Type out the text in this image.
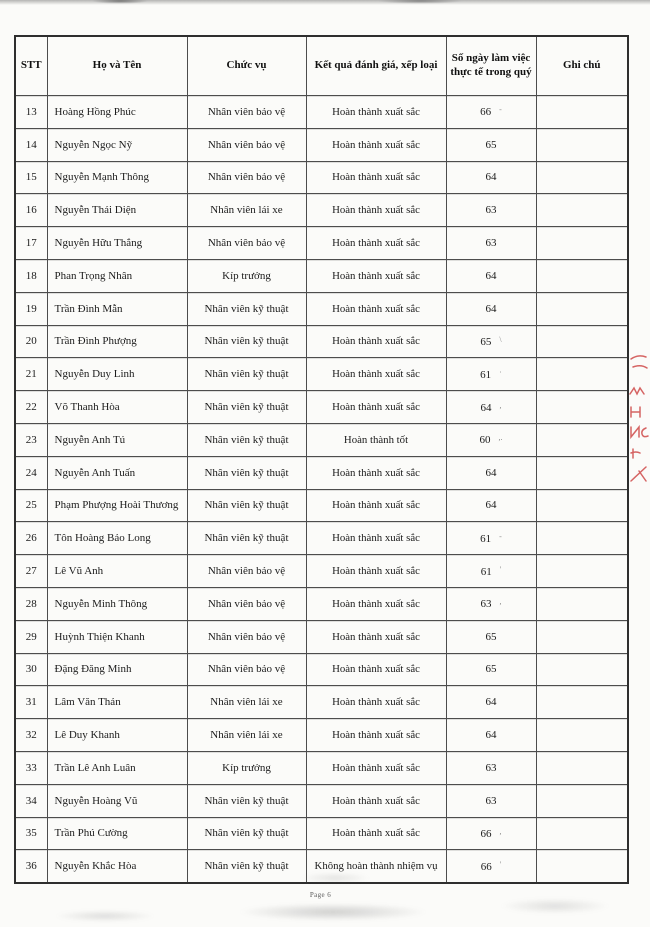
STT	Họ và Tên	Chức vụ	Kết quả đánh giá, xếp loại	Số ngày làm việc thực tế trong quý	Ghi chú
13	Hoàng Hồng Phúc	Nhân viên bảo vệ	Hoàn thành xuất sắc	66 -	
14	Nguyễn Ngọc Nỹ	Nhân viên bảo vệ	Hoàn thành xuất sắc	65	
15	Nguyễn Mạnh Thông	Nhân viên bảo vệ	Hoàn thành xuất sắc	64	
16	Nguyễn Thái Diện	Nhân viên lái xe	Hoàn thành xuất sắc	63	
17	Nguyễn Hữu Thắng	Nhân viên bảo vệ	Hoàn thành xuất sắc	63	
18	Phan Trọng Nhân	Kíp trưởng	Hoàn thành xuất sắc	64	
19	Trần Đình Mẫn	Nhân viên kỹ thuật	Hoàn thành xuất sắc	64	
20	Trần Đình Phượng	Nhân viên kỹ thuật	Hoàn thành xuất sắc	65 \	
21	Nguyễn Duy Linh	Nhân viên kỹ thuật	Hoàn thành xuất sắc	61 ·	
22	Võ Thanh Hòa	Nhân viên kỹ thuật	Hoàn thành xuất sắc	64 ,	
23	Nguyễn Anh Tú	Nhân viên kỹ thuật	Hoàn thành tốt	60 ,.	
24	Nguyễn Anh Tuấn	Nhân viên kỹ thuật	Hoàn thành xuất sắc	64	
25	Phạm Phượng Hoài Thương	Nhân viên kỹ thuật	Hoàn thành xuất sắc	64	
26	Tôn Hoàng Bảo Long	Nhân viên kỹ thuật	Hoàn thành xuất sắc	61 -	
27	Lê Vũ Anh	Nhân viên bảo vệ	Hoàn thành xuất sắc	61 '	
28	Nguyễn Minh Thông	Nhân viên bảo vệ	Hoàn thành xuất sắc	63 ,	
29	Huỳnh Thiện Khanh	Nhân viên bảo vệ	Hoàn thành xuất sắc	65	
30	Đặng Đăng Minh	Nhân viên bảo vệ	Hoàn thành xuất sắc	65	
31	Lâm Văn Thản	Nhân viên lái xe	Hoàn thành xuất sắc	64	
32	Lê Duy Khanh	Nhân viên lái xe	Hoàn thành xuất sắc	64	
33	Trần Lê Anh Luân	Kíp trưởng	Hoàn thành xuất sắc	63	
34	Nguyễn Hoàng Vũ	Nhân viên kỹ thuật	Hoàn thành xuất sắc	63	
35	Trần Phú Cường	Nhân viên kỹ thuật	Hoàn thành xuất sắc	66 ,	
36	Nguyễn Khắc Hòa	Nhân viên kỹ thuật	Không hoàn thành nhiệm vụ	66 '	
Page 6
